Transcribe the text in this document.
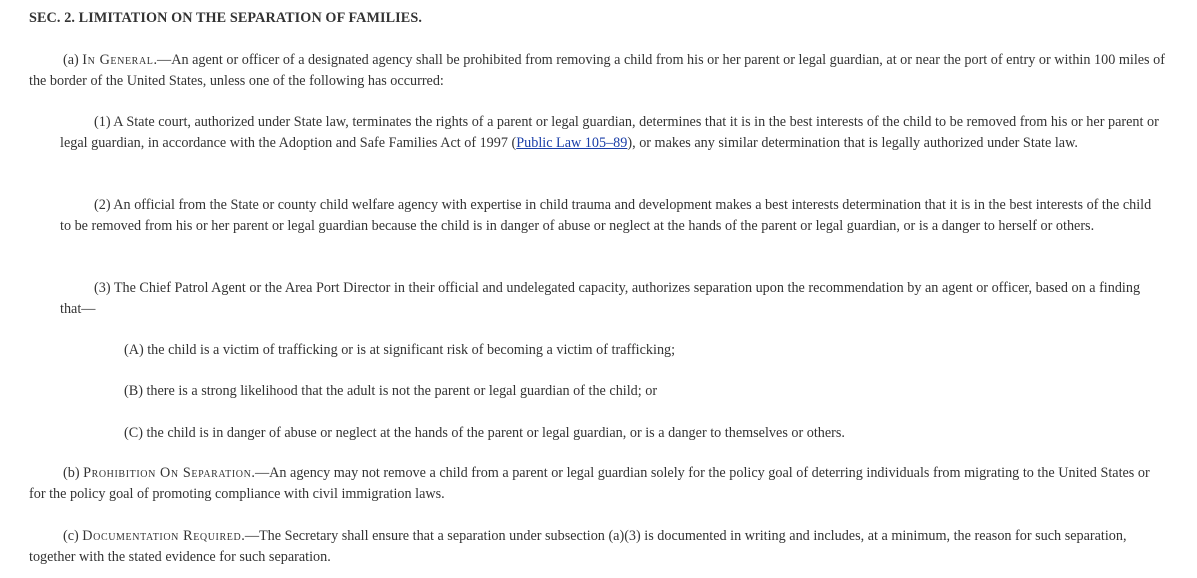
SEC. 2. LIMITATION ON THE SEPARATION OF FAMILIES.

(a) In General.—An agent or officer of a designated agency shall be prohibited from removing a child from his or her parent or legal guardian, at or near the port of entry or within 100 miles of the border of the United States, unless one of the following has occurred:

(1) A State court, authorized under State law, terminates the rights of a parent or legal guardian, determines that it is in the best interests of the child to be removed from his or her parent or legal guardian, in accordance with the Adoption and Safe Families Act of 1997 (Public Law 105–89), or makes any similar determination that is legally authorized under State law.

(2) An official from the State or county child welfare agency with expertise in child trauma and development makes a best interests determination that it is in the best interests of the child to be removed from his or her parent or legal guardian because the child is in danger of abuse or neglect at the hands of the parent or legal guardian, or is a danger to herself or others.

(3) The Chief Patrol Agent or the Area Port Director in their official and undelegated capacity, authorizes separation upon the recommendation by an agent or officer, based on a finding that—

(A) the child is a victim of trafficking or is at significant risk of becoming a victim of trafficking;

(B) there is a strong likelihood that the adult is not the parent or legal guardian of the child; or

(C) the child is in danger of abuse or neglect at the hands of the parent or legal guardian, or is a danger to themselves or others.

(b) Prohibition On Separation.—An agency may not remove a child from a parent or legal guardian solely for the policy goal of deterring individuals from migrating to the United States or for the policy goal of promoting compliance with civil immigration laws.

(c) Documentation Required.—The Secretary shall ensure that a separation under subsection (a)(3) is documented in writing and includes, at a minimum, the reason for such separation, together with the stated evidence for such separation.
